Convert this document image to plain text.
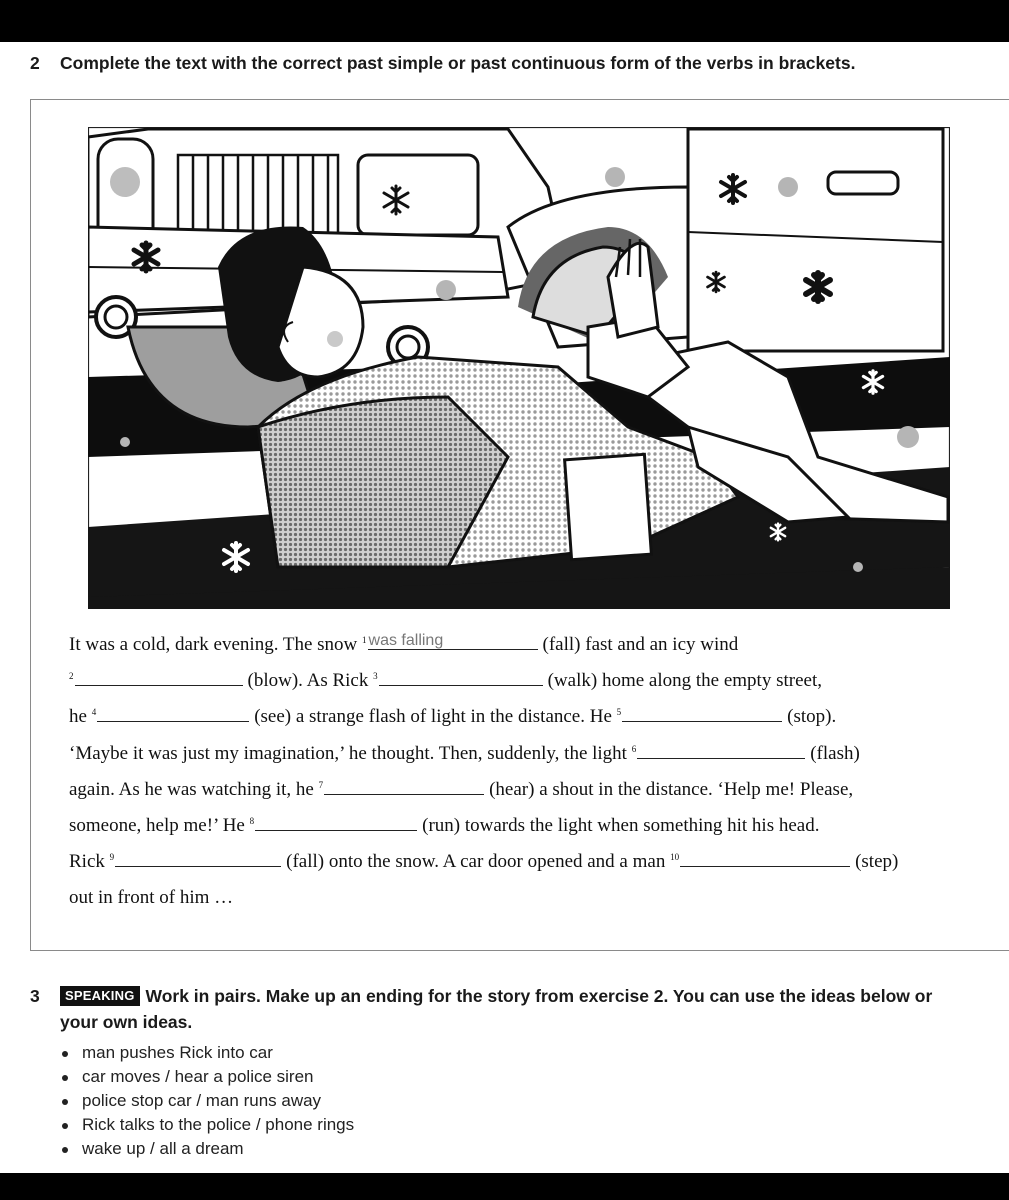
2 Complete the text with the correct past simple or past continuous form of the verbs in brackets.
It was a cold, dark evening. The snow 1 was falling	(fall) fast and an icy wind
2	(blow). As Rick 3	(walk) home along the empty street,
he 4	(see) a strange flash of light in the distance. He 5	(stop).
‘Maybe it was just my imagination,’ he thought. Then, suddenly, the light 6	(flash)
again. As he was watching it, he 7	(hear) a shout in the distance. ‘Help me! Please,
someone, help me!’ He 8	(run) towards the light when something hit his head.
Rick 9	(fall) onto the snow. A car door opened and a man 10	(step)
out in front of him …
3 SPEAKING Work in pairs. Make up an ending for the story from exercise 2. You can use the ideas below or
your own ideas.
man pushes Rick into car
car moves / hear a police siren
police stop car / man runs away
Rick talks to the police / phone rings
wake up / all a dream
